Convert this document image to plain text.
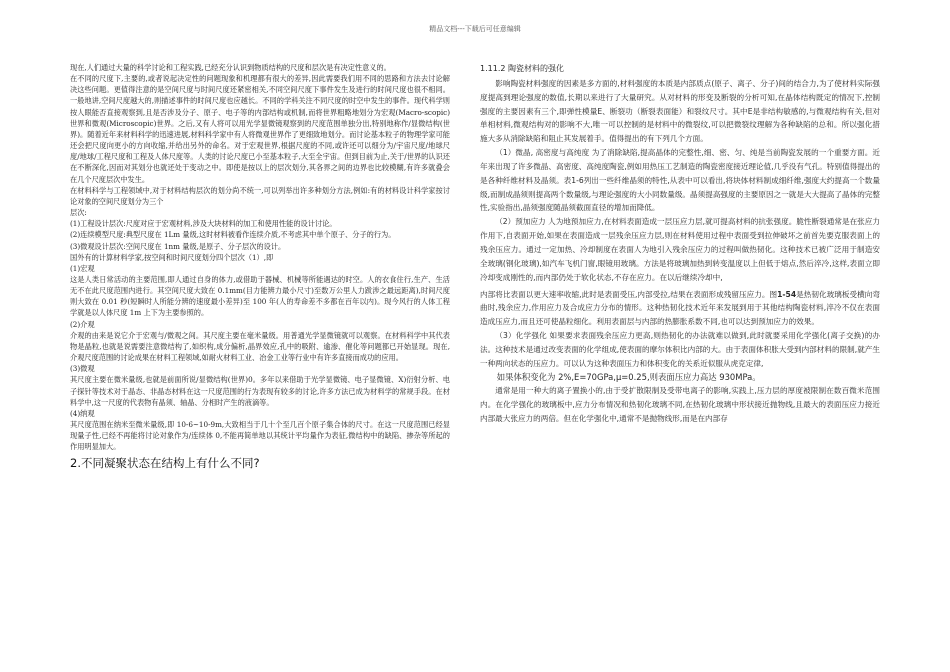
精品文档---下载后可任意编辑

现在,人们通过大量的科学讨论和工程实践,已经充分认识到物质结构的尺度和层次是有决定性意义的。

在不同的尺度下,主要的,或者说起决定性的问题现象和机理都有很大的差异,因此需要我们用不同的思路和方法去讨论解决这些问题。更值得注意的是空间尺度与时间尺度还紧密相关,不同空间尺度下事件发生及进行的时间尺度也很不相同。一般地讲,空间尺度越大的,则描述事件的时间尺度也应越长。不同的学科关注不同尺度的时空中发生的事件。现代科学则按人眼能否直接观察到,且是否涉及分子、原子、电子等的内部结构或机制,而将世界粗略地划分为宏观(Macro-scopic)世界和微观(Microscopic)世界。之后,又有人将可以用光学显微镜观察到的尺度范围单独分出,特别地称作/显微结构(世界)。随着近年来材料科学的迅速进展,材料科学家中有人将微观世界作了更细致地划分。而讨论基本粒子的物理学家可能还会把尺度向更小的方向收缩,并给出另外的命名。对于宏观世界,根据尺度的不同,或许还可以细分为/宇宙尺度/地球尺度/地球/工程尺度和工程及人体尺度等。人类的讨论尺度已小至基本粒子,大至全宇宙。但到目前为止,关于/世界的认识还在不断深化,因而对其划分也就还处于变动之中。即使是按以上的层次划分,其各界之间的边界也比较模糊,有许多就叠会在几个尺度层次中发生。

在材料科学与工程领域中,对于材料结构层次的划分尚不统一,可以列举出许多种划分方法,例如:有的材料设计科学家按讨论对象的空间尺度划分为三个

层次:

(1)工程设计层次:尺度对应于宏观材料,涉及大块材料的加工和使用性能的设计讨论。

(2)连续模型尺度:典型尺度在 1Lm 量级,这时材料被看作连续介质,不考虑其中单个原子、分子的行为。

(3)微观设计层次:空间尺度在 1nm 量级,是原子、分子层次的设计。

国外有的计算材料学家,按空间和时间尺度划分四个层次（1）,即

(1)宏观

这是人类日常活动的主要范围,即人通过自身的体力,或借助于器械、机械等所能遇达的时空。人的衣食住行,生产、生活无不在此尺度范围内进行。其空间尺度大致在 0.1mm(目力能辨力最小尺寸)至数万公里人力跋涉之最远距离),时间尺度则大致在 0.01 秒(短瞬时人所能分辨的速度最小差异)至 100 年(人的寿命差不多都在百年以内)。现今风行的人体工程学就是以人体尺度 1m 上下为主要参照的。

(2)介观

介观的由来是说它介于宏观与/微观之间。其尺度主要在毫米量级。用普通光学显微镜就可以观察。在材料科学中其代表物是晶粒,也就是说需要注意微结构了,如织构,成分偏析,晶界效应,孔中的吸附、逾渗、催化等问题都已开始显现。现在,介观尺度范围的讨论成果在材料工程领域,如耐火材料工业、冶金工业等行业中有许多直接而成功的应用。

(3)微观

其尺度主要在微米量级,也就是前面所说/显微结构(世界)0。多年以来借助于光学显微镜、电子显微镜、X)衍射分析、电子探针等技术对于晶态、非晶态材料在这一尺度范围的行为表现有较多的讨论,许多方法已成为材料学的常规手段。在材料学中,这一尺度的代表物有晶须、轴晶、分相时产生的液滴等。

(4)纳观

其尺度范围在纳米至微米量级,即 10-6~10-9m,大致相当于几十个至几百个原子集合体的尺寸。在这一尺度范围已经显现量子性,已经不再能将讨论对象作为/连续体 0,不能再简单地以其统计平均量作为表征,微结构中的缺陷、掺杂等所起的作用明显加大。

2.不同凝聚状态在结构上有什么不同?

1.11.2 陶瓷材料的强化

影响陶瓷材料强度的因素是多方面的,材料强度的本质是内部质点(原子、离子、分子)间的结合力,为了使材料实际强度提高到理论强度的数值,长期以来进行了大量研究。从对材料的形变及断裂的分析可知,在晶体结构既定的情况下,控制强度的主要因素有三个,即弹性模量E、断裂功（断裂表面能）和裂纹尺寸。其中E是非结构敏感的,与微观结构有关,但对单相材料,微观结构对的影响不大,唯一可以控制的是材料中的微裂纹,可以把微裂纹理解为各种缺陷的总和。所以强化措施大多从消除缺陷和阻止其发展着手。值得提出的有下列几个方面。

（1）微晶, 高密度与高纯度 为了消除缺陷,提高晶体的完整性,细、密、匀、纯是当前陶瓷发展的一个重要方面。近年来出现了许多微晶、高密度、高纯度陶瓷,例如用热压工艺制造的陶瓷密度接近理论值,几乎没有气孔。特别值得提出的是各种纤维材料及晶须。表1-6列出一些纤维晶须的特性,从表中可以看出,将块体材料制成细纤维,强度大约提高一个数量级,而制成晶须则提高两个数量级,与理论强度的大小同数量级。晶须提高强度的主要原因之一就是大大提高了晶体的完整性,实验指出,晶须强度随晶须截面直径的增加而降低。

（2）预加应力 人为地预加应力,在材料表面造成一层压应力层,就可提高材料的抗张强度。脆性断裂通常是在张应力作用下,自表面开始,如果在表面造成一层残余压应力层,则在材料使用过程中表面受到拉伸破坏之前首先要克服表面上的残余压应力。通过一定加热、冷却制度在表面人为地引入残余压应力的过程叫做热韧化。这种技术已被广泛用于制造安全玻璃(钢化玻璃),如汽车飞机门窗,眼镜用玻璃。方法是将玻璃加热到转变温度以上但低于熔点,然后淬冷,这样,表面立即冷却变成刚性的,而内部仍处于软化状态,不存在应力。在以后继续冷却中,

内部将比表面以更大速率收缩,此时是表面受压,内部受拉,结果在表面形成残留压应力。图1-54是热韧化玻璃板受横向弯曲时,残余应力,作用应力及合成应力分布的情形。这种热韧化技术近年来发展到用于其他结构陶瓷材料,淬冷不仅在表面造成压应力,而且还可使晶粒细化。利用表面层与内部的热膨胀系数不同,也可以达到预加应力的效果。

（3）化学强化 如果要求表面残余压应力更高,则热韧化的办法就难以做到,此时就要采用化学强化(离子交换)的办法。这种技术是通过改变表面的化学组成,使表面的摩尔体积比内部的大。由于表面体积胀大受到内部材料的限制,就产生一种两向状态的压应力。可以认为这种表面压力和体积变化的关系近似服从虎克定律,

如果体积变化为 2%,E=70GPa,μ=0.25,则表面压应力高达 930MPa。

通常是用一种大的离子置换小的,由于受扩散限制及受带电离子的影响,实践上,压力层的厚度被限制在数百微米范围内。在化学强化的玻璃板中,应力分布情况和热韧化玻璃不同,在热韧化玻璃中形状接近抛物线,且最大的表面压应力接近内部最大张应力的两倍。但在化学强化中,通常不是抛物线形,而是在内部存
